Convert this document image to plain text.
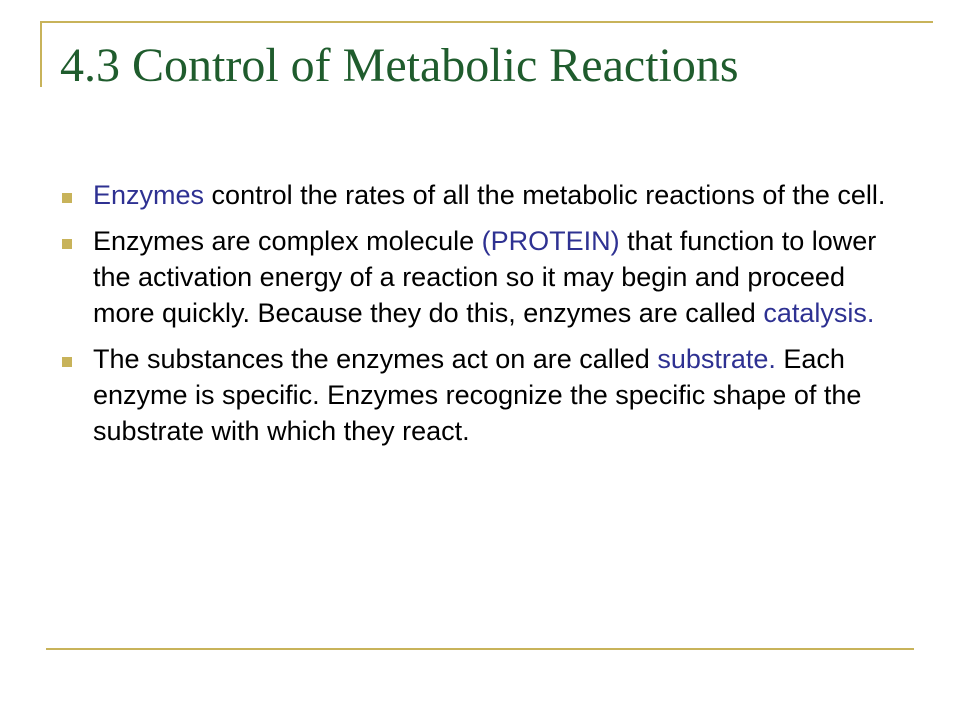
4.3 Control of Metabolic Reactions
Enzymes control the rates of all the metabolic reactions of the cell.
Enzymes are complex molecule (PROTEIN) that function to lower the activation energy of a reaction so it may begin and proceed more quickly. Because they do this, enzymes are called catalysis.
The substances the enzymes act on are called substrate. Each enzyme is specific. Enzymes recognize the specific shape of the substrate with which they react.
